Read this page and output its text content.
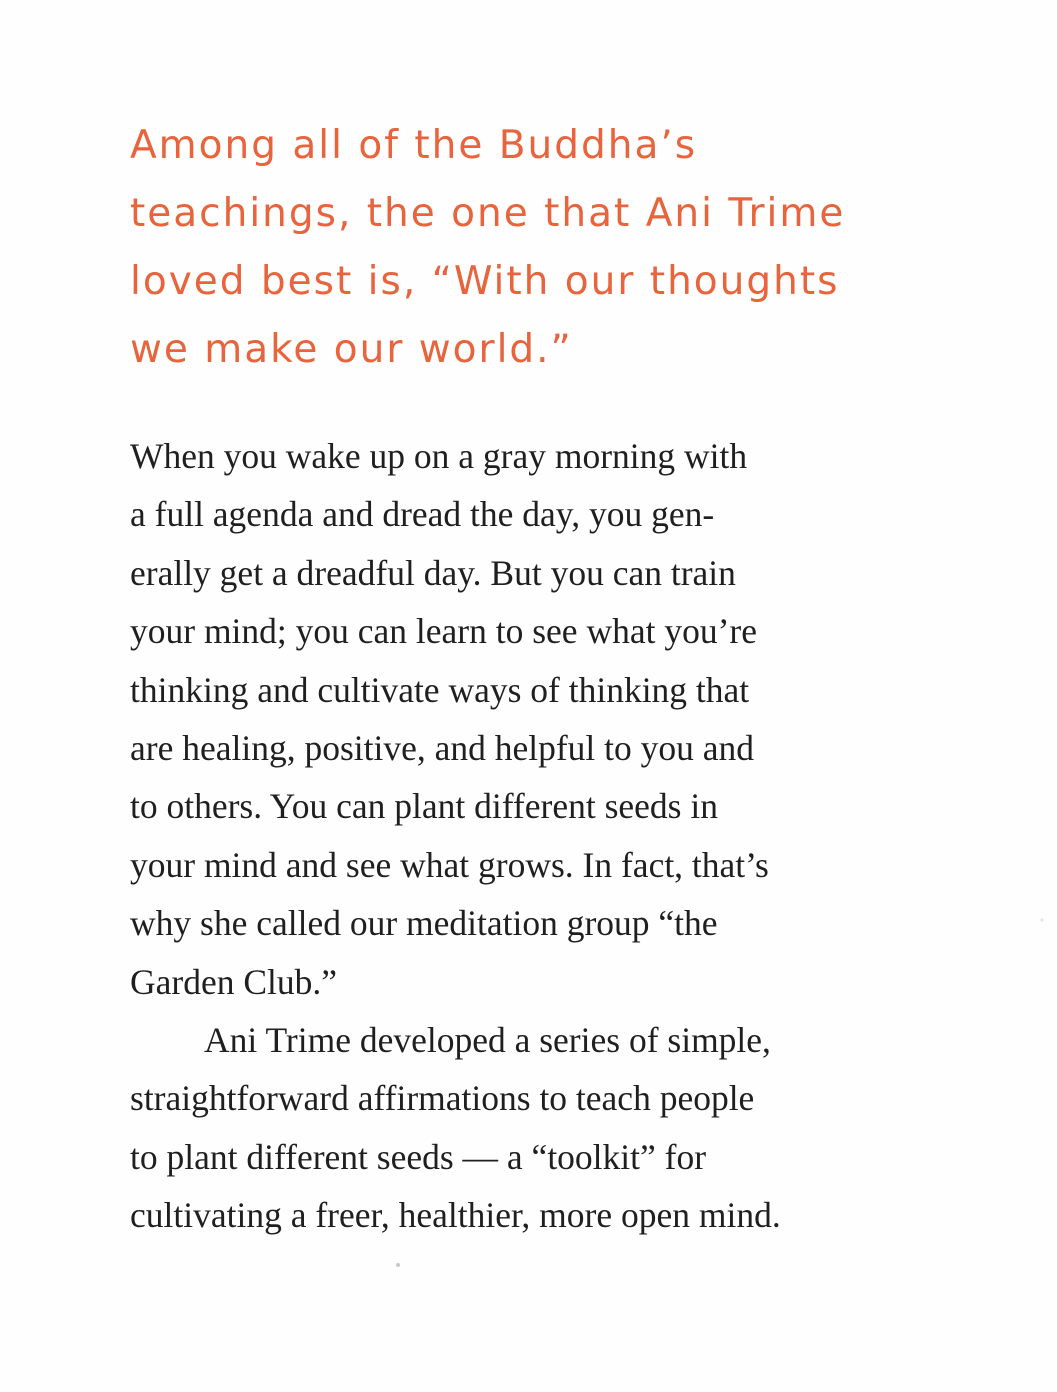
Among all of the Buddha’s
teachings, the one that Ani Trime
loved best is, “With our thoughts
we make our world.”
When you wake up on a gray morning with
a full agenda and dread the day, you gen-
erally get a dreadful day. But you can train
your mind; you can learn to see what you’re
thinking and cultivate ways of thinking that
are healing, positive, and helpful to you and
to others. You can plant different seeds in
your mind and see what grows. In fact, that’s
why she called our meditation group “the
Garden Club.”
Ani Trime developed a series of simple,
straightforward affirmations to teach people
to plant different seeds — a “toolkit” for
cultivating a freer, healthier, more open mind.
